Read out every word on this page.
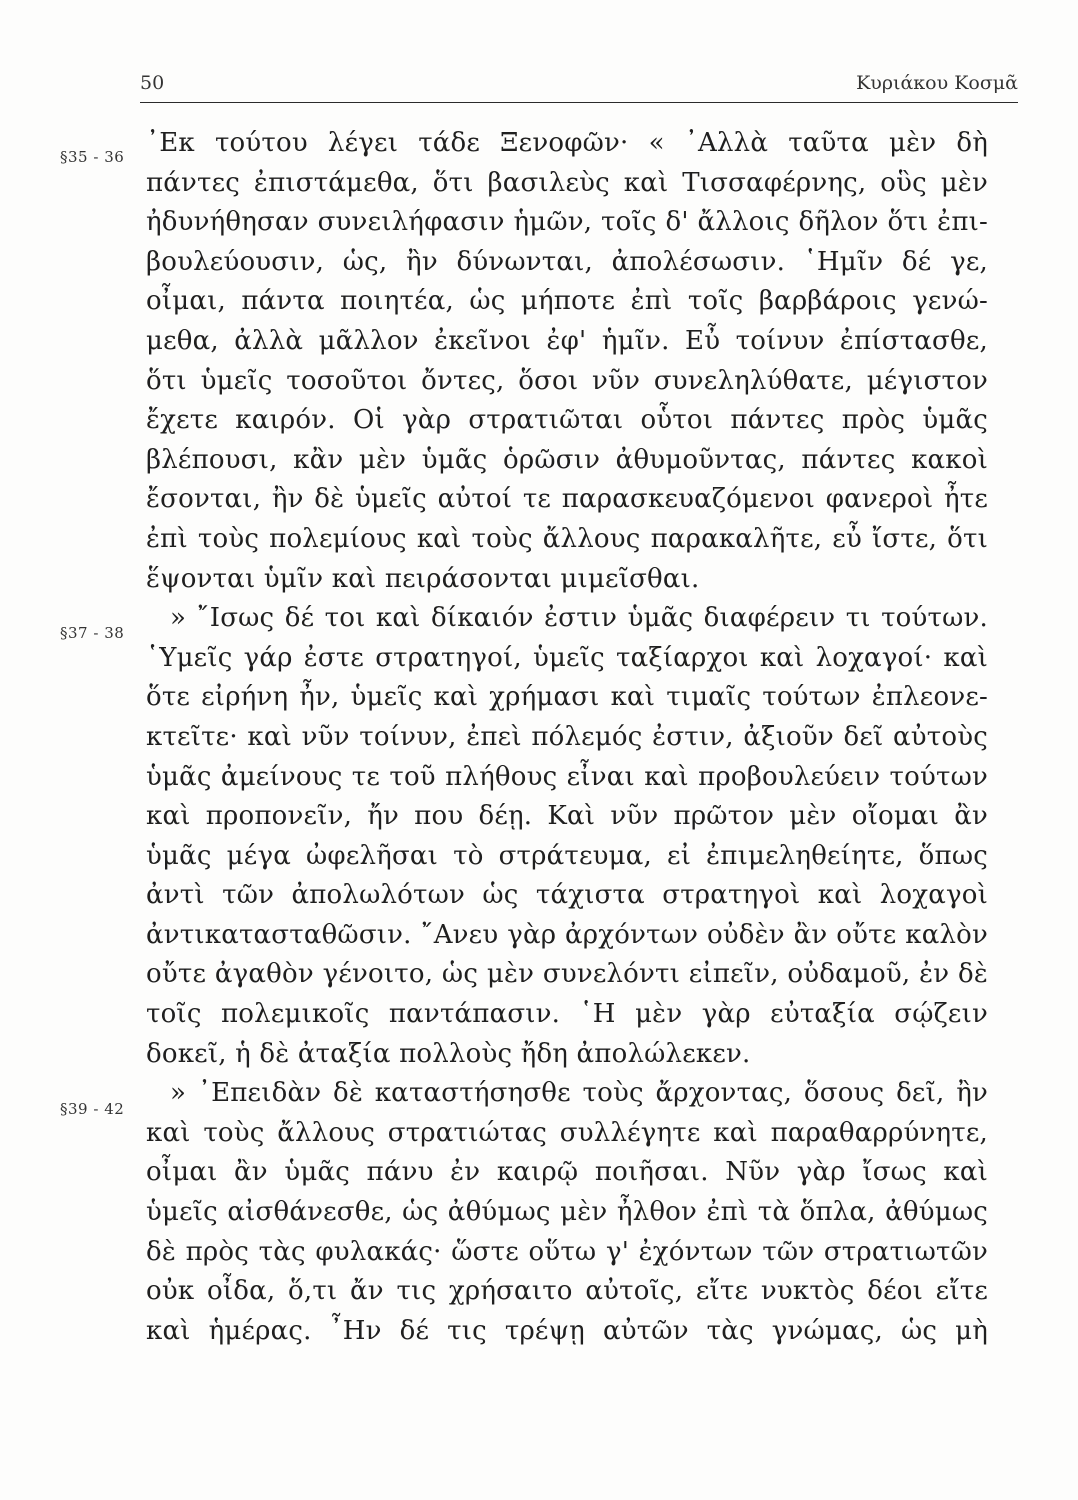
50	Κυριάκου Κοσμᾶ
§35 - 36
§37 - 38
§39 - 42
᾿Εκ τούτου λέγει τάδε Ξενοφῶν· « ᾿Αλλὰ ταῦτα μὲν δὴ
πάντες ἐπιστάμεθα, ὅτι βασιλεὺς καὶ Τισσαφέρνης, οὓς μὲν
ἠδυνήθησαν συνειλήφασιν ἡμῶν, τοῖς δ' ἄλλοις δῆλον ὅτι ἐπι-
βουλεύουσιν, ὡς, ἢν δύνωνται, ἀπολέσωσιν. ῾Ημῖν δέ γε,
οἶμαι, πάντα ποιητέα, ὡς μήποτε ἐπὶ τοῖς βαρβάροις γενώ-
μεθα, ἀλλὰ μᾶλλον ἐκεῖνοι ἐφ' ἡμῖν. Εὖ τοίνυν ἐπίστασθε,
ὅτι ὑμεῖς τοσοῦτοι ὄντες, ὅσοι νῦν συνεληλύθατε, μέγιστον
ἔχετε καιρόν. Οἱ γὰρ στρατιῶται οὗτοι πάντες πρὸς ὑμᾶς
βλέπουσι, κἂν μὲν ὑμᾶς ὁρῶσιν ἀθυμοῦντας, πάντες κακοὶ
ἔσονται, ἢν δὲ ὑμεῖς αὐτοί τε παρασκευαζόμενοι φανεροὶ ἦτε
ἐπὶ τοὺς πολεμίους καὶ τοὺς ἄλλους παρακαλῆτε, εὖ ἴστε, ὅτι
ἕψονται ὑμῖν καὶ πειράσονται μιμεῖσθαι.
» ῎Ισως δέ τοι καὶ δίκαιόν ἐστιν ὑμᾶς διαφέρειν τι τούτων.
῾Υμεῖς γάρ ἐστε στρατηγοί, ὑμεῖς ταξίαρχοι καὶ λοχαγοί· καὶ
ὅτε εἰρήνη ἦν, ὑμεῖς καὶ χρήμασι καὶ τιμαῖς τούτων ἐπλεονε-
κτεῖτε· καὶ νῦν τοίνυν, ἐπεὶ πόλεμός ἐστιν, ἀξιοῦν δεῖ αὐτοὺς
ὑμᾶς ἀμείνους τε τοῦ πλήθους εἶναι καὶ προβουλεύειν τούτων
καὶ προπονεῖν, ἤν που δέῃ. Καὶ νῦν πρῶτον μὲν οἴομαι ἂν
ὑμᾶς μέγα ὠφελῆσαι τὸ στράτευμα, εἰ ἐπιμεληθείητε, ὅπως
ἀντὶ τῶν ἀπολωλότων ὡς τάχιστα στρατηγοὶ καὶ λοχαγοὶ
ἀντικατασταθῶσιν. ῎Ανευ γὰρ ἀρχόντων οὐδὲν ἂν οὔτε καλὸν
οὔτε ἀγαθὸν γένοιτο, ὡς μὲν συνελόντι εἰπεῖν, οὐδαμοῦ, ἐν δὲ
τοῖς πολεμικοῖς παντάπασιν. ῾Η μὲν γὰρ εὐταξία σῴζειν
δοκεῖ, ἡ δὲ ἀταξία πολλοὺς ἤδη ἀπολώλεκεν.
» ᾿Επειδὰν δὲ καταστήσησθε τοὺς ἄρχοντας, ὅσους δεῖ, ἢν
καὶ τοὺς ἄλλους στρατιώτας συλλέγητε καὶ παραθαρρύνητε,
οἶμαι ἂν ὑμᾶς πάνυ ἐν καιρῷ ποιῆσαι. Νῦν γὰρ ἴσως καὶ
ὑμεῖς αἰσθάνεσθε, ὡς ἀθύμως μὲν ἦλθον ἐπὶ τὰ ὅπλα, ἀθύμως
δὲ πρὸς τὰς φυλακάς· ὥστε οὕτω γ' ἐχόντων τῶν στρατιωτῶν
οὐκ οἶδα, ὅ,τι ἄν τις χρήσαιτο αὐτοῖς, εἴτε νυκτὸς δέοι εἴτε
καὶ ἡμέρας. ῏Ην δέ τις τρέψῃ αὐτῶν τὰς γνώμας, ὡς μὴ
